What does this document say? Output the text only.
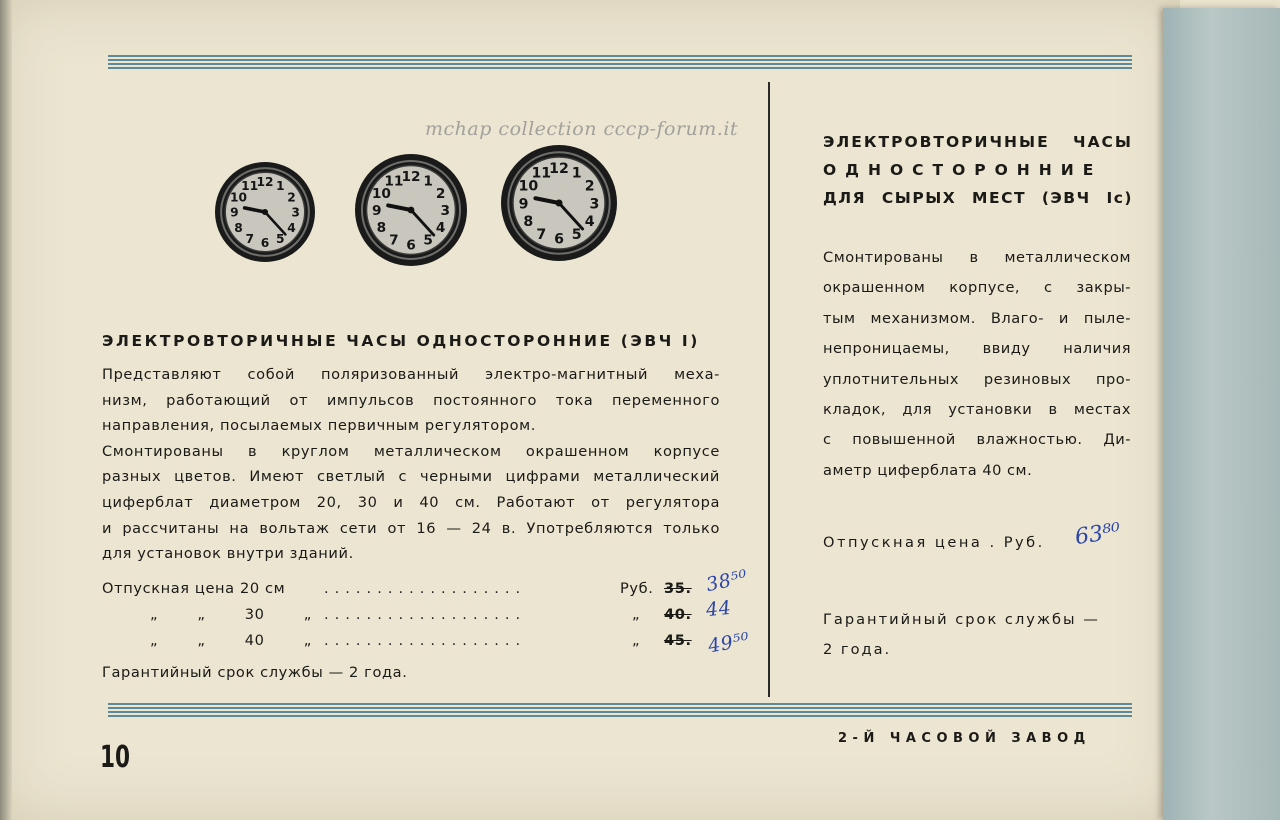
mchap collection cccp-forum.it
12 1
2
3
4
5
6
7
8
9
10
11
12 1
2
3
4
5
6
7
8
9
10
11
12 1
2
3
4
5
6
7
8
9
10
11
ЭЛЕКТРОВТОРИЧНЫЕ ЧАСЫ ОДНОСТОРОННИЕ (ЭВЧ I)
Представляют собой поляризованный электро-магнитный меха-
низм, работающий от импульсов постоянного тока переменного
направления, посылаемых первичным регулятором.
Смонтированы в круглом металлическом окрашенном корпусе
разных цветов. Имеют светлый с черными цифрами металлический
циферблат диаметром 20, 30 и 40 см. Работают от регулятора
и рассчитаны на вольтаж сети от 16 — 24 в. Употребляются только
для установок внутри зданий.
Отпускная цена 20 см	...................	Руб. 35. 38⁵⁰
„ „ 30 „ ...................	„ 40. 44
„ „ 40 „ ...................	„ 45. 49⁵⁰
Гарантийный срок службы — 2 года.
ЭЛЕКТРОВТОРИЧНЫЕ ЧАСЫ
ОДНОСТОРОННИЕ
ДЛЯ СЫРЫХ МЕСТ (ЭВЧ Iс)
Смонтированы в металлическом
окрашенном корпусе, с закры-
тым механизмом. Влаго- и пыле-
непроницаемы, ввиду наличия
уплотнительных резиновых про-
кладок, для установки в местах
с повышенной влажностью. Ди-
аметр циферблата 40 см.
Отпускная цена . Руб. 63⁸⁰
Гарантийный срок службы —
2 года.
10
2-Й ЧАСОВОЙ ЗАВОД
